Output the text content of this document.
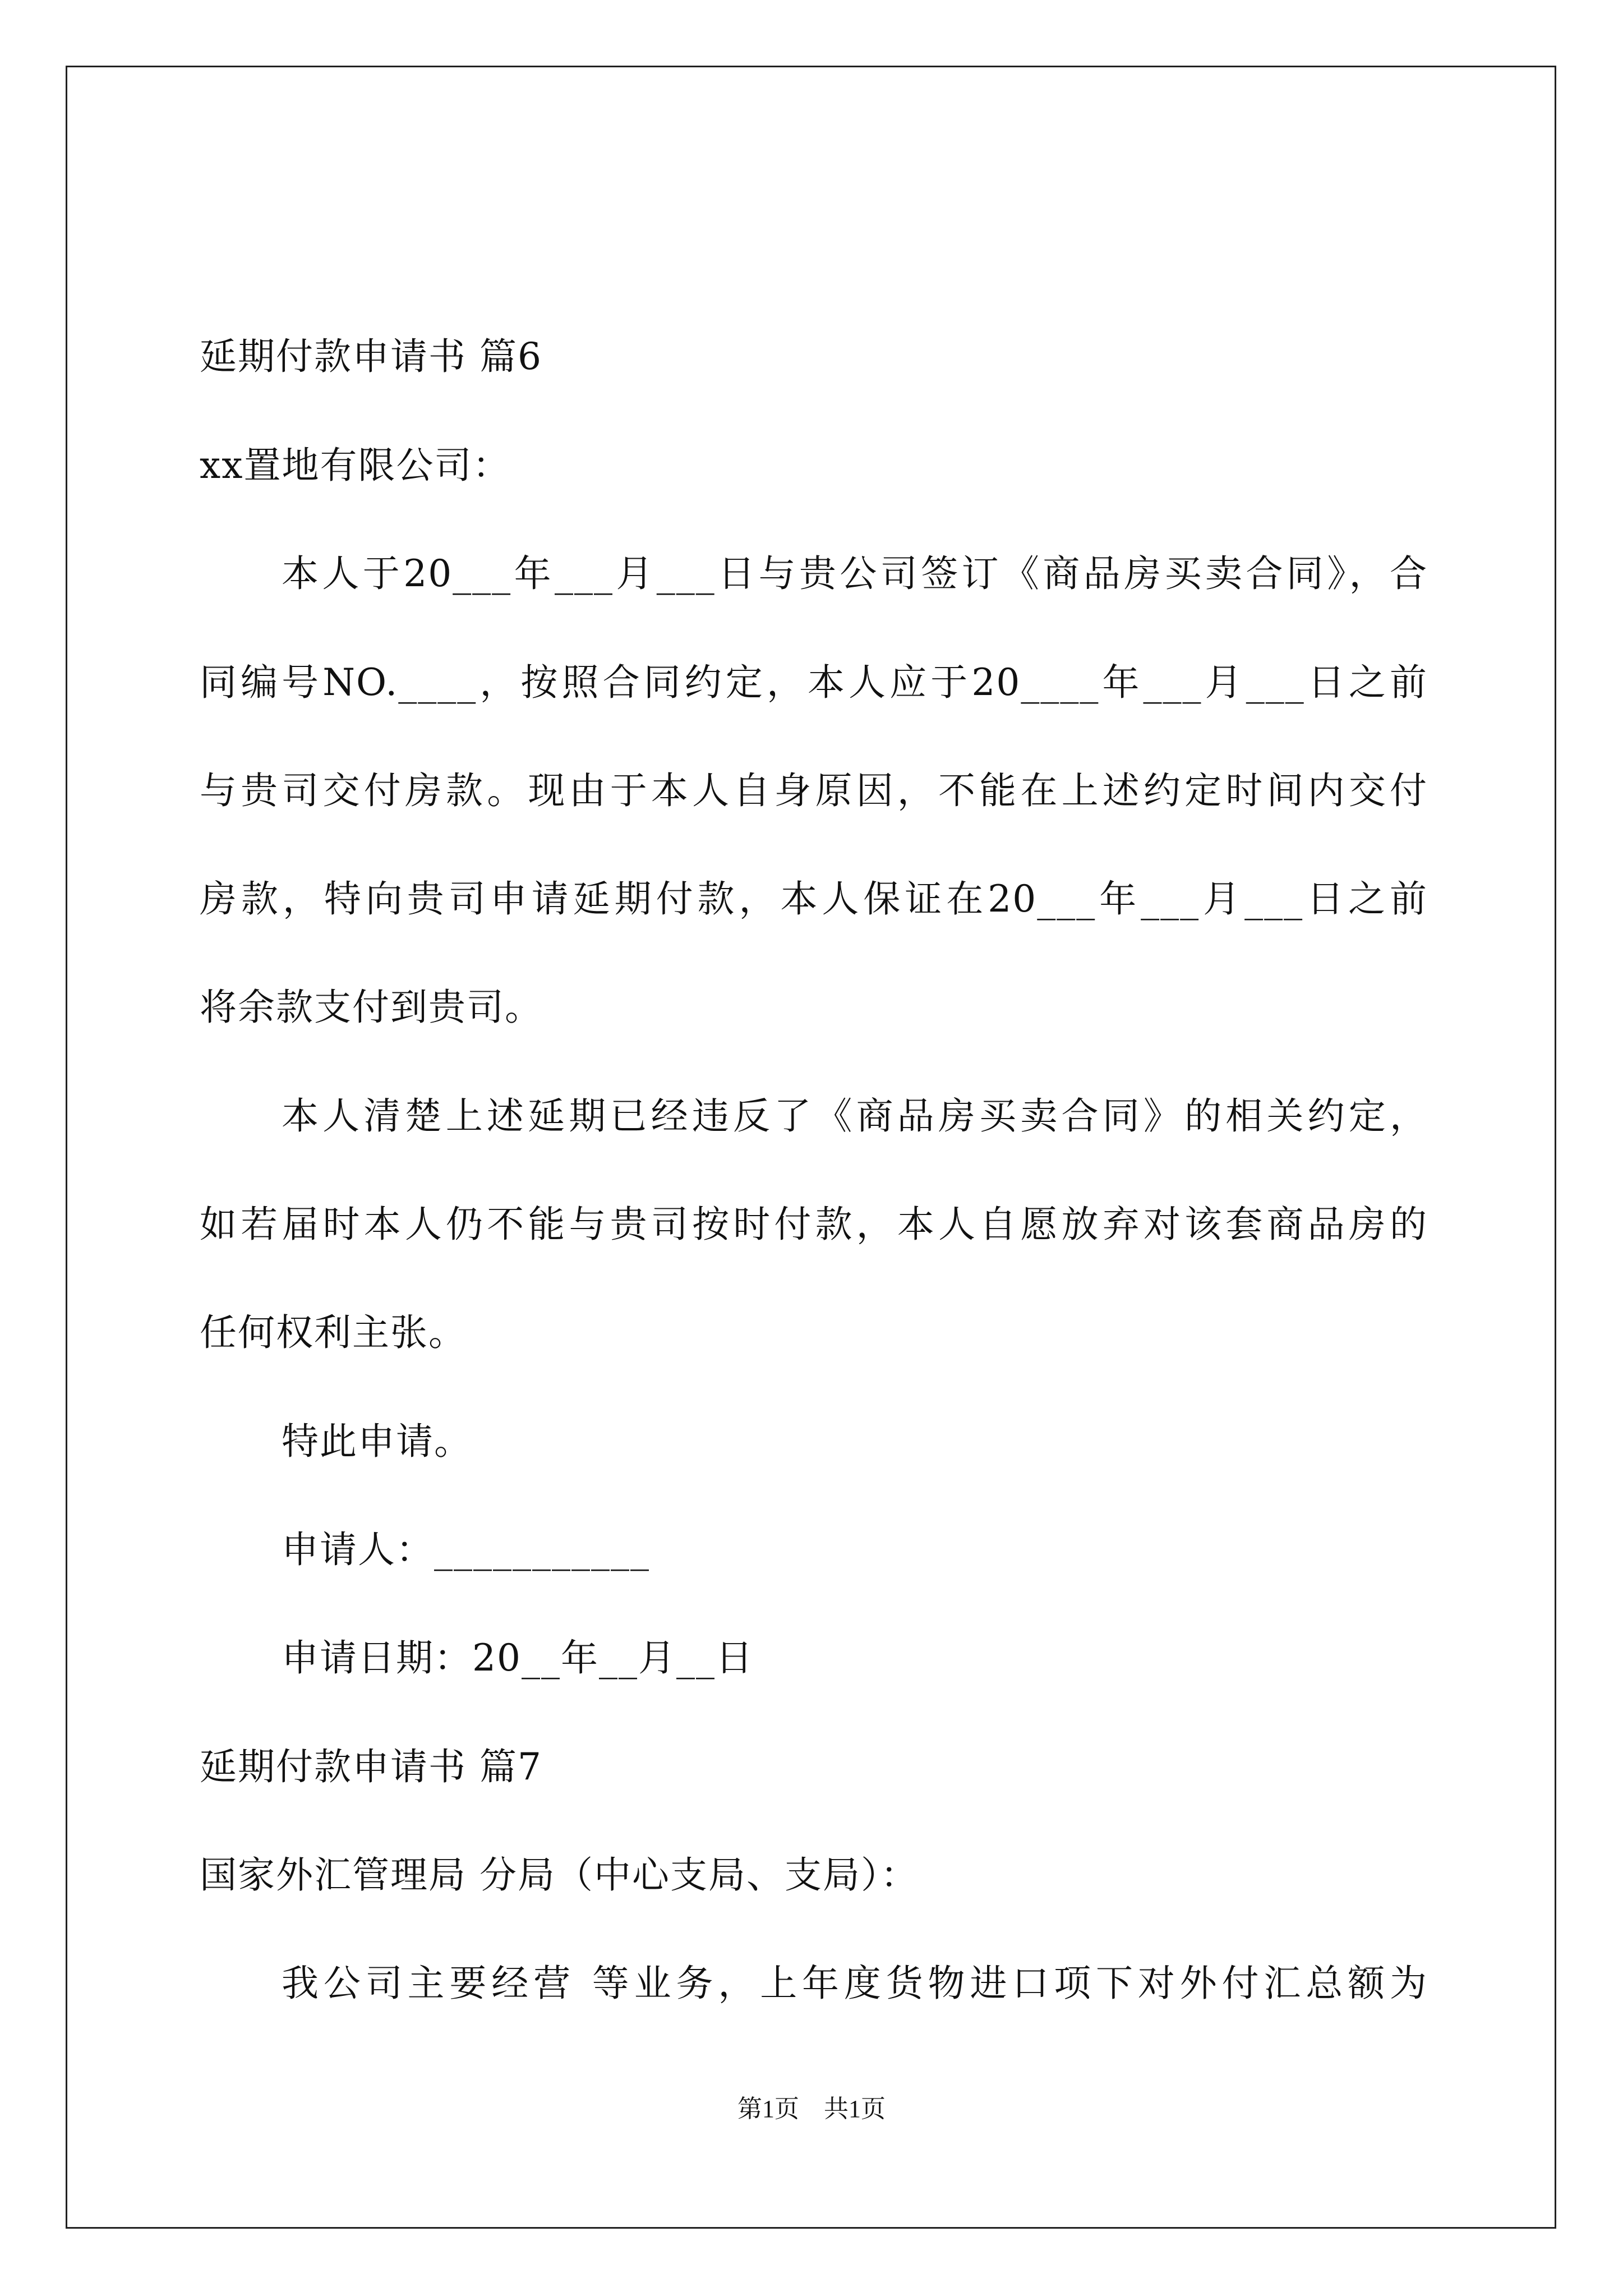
延期付款申请书 篇6
xx置地有限公司：
本人于20___年___月___日与贵公司签订《商品房买卖合同》，合
同编号NO.____，按照合同约定，本人应于20____年___月___日之前
与贵司交付房款。现由于本人自身原因，不能在上述约定时间内交付
房款，特向贵司申请延期付款，本人保证在20___年___月___日之前
将余款支付到贵司。
本人清楚上述延期已经违反了《商品房买卖合同》的相关约定，
如若届时本人仍不能与贵司按时付款，本人自愿放弃对该套商品房的
任何权利主张。
特此申请。
申请人：___________
申请日期：20__年__月__日
延期付款申请书 篇7
国家外汇管理局 分局（中心支局、支局）：
我公司主要经营 等业务，上年度货物进口项下对外付汇总额为
第1页　共1页
